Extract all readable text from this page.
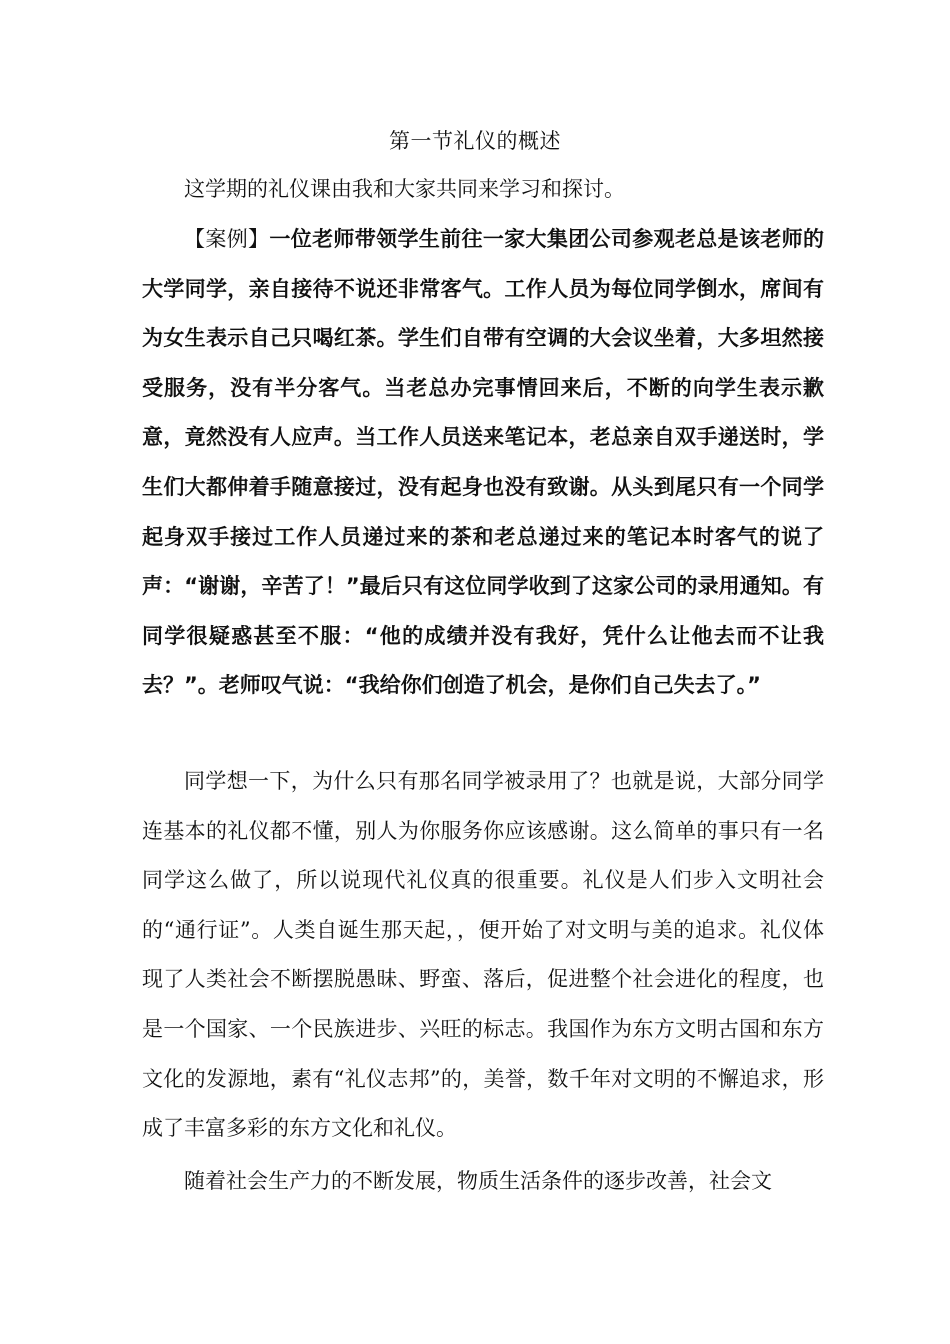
第一节礼仪的概述

这学期的礼仪课由我和大家共同来学习和探讨。

【案例】一位老师带领学生前往一家大集团公司参观老总是该老师的大学同学，亲自接待不说还非常客气。工作人员为每位同学倒水，席间有为女生表示自己只喝红茶。学生们自带有空调的大会议坐着，大多坦然接受服务，没有半分客气。当老总办完事情回来后，不断的向学生表示歉意，竟然没有人应声。当工作人员送来笔记本，老总亲自双手递送时，学生们大都伸着手随意接过，没有起身也没有致谢。从头到尾只有一个同学起身双手接过工作人员递过来的茶和老总递过来的笔记本时客气的说了声：“谢谢，辛苦了！”最后只有这位同学收到了这家公司的录用通知。有同学很疑惑甚至不服：“他的成绩并没有我好，凭什么让他去而不让我去？”。老师叹气说：“我给你们创造了机会，是你们自己失去了。”

同学想一下，为什么只有那名同学被录用了？也就是说，大部分同学连基本的礼仪都不懂，别人为你服务你应该感谢。这么简单的事只有一名同学这么做了，所以说现代礼仪真的很重要。礼仪是人们步入文明社会的“通行证”。人类自诞生那天起，，便开始了对文明与美的追求。礼仪体现了人类社会不断摆脱愚昧、野蛮、落后，促进整个社会进化的程度，也是一个国家、一个民族进步、兴旺的标志。我国作为东方文明古国和东方文化的发源地，素有“礼仪志邦”的，美誉，数千年对文明的不懈追求，形成了丰富多彩的东方文化和礼仪。

随着社会生产力的不断发展，物质生活条件的逐步改善，社会文
